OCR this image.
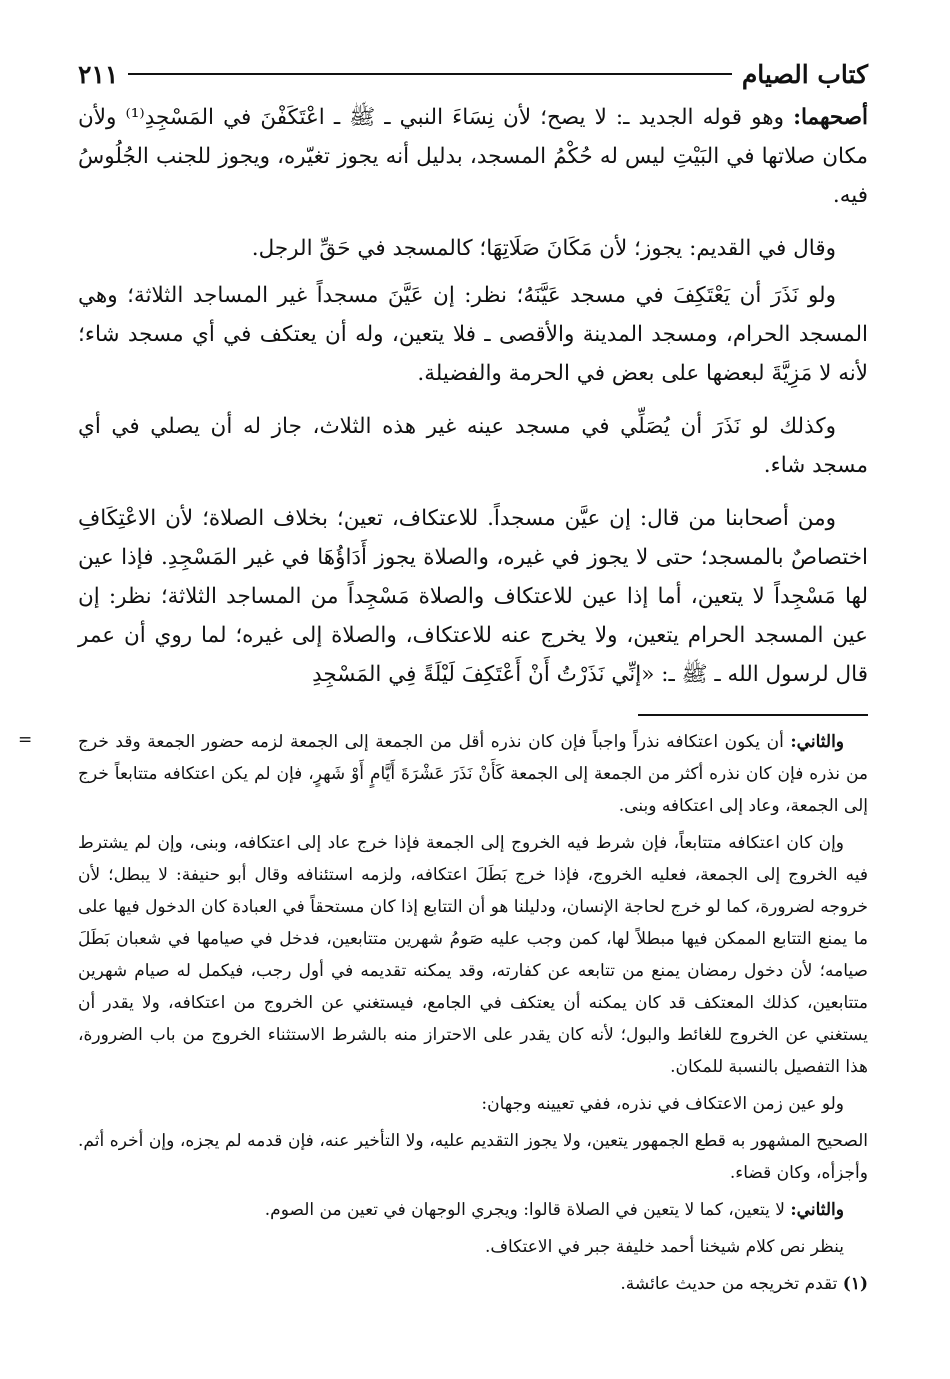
كتاب الصيام
٢١١

أصحهما: وهو قوله الجديد ـ: لا يصح؛ لأن نِسَاءَ النبي ـ ﷺ ـ اعْتَكَفْنَ في المَسْجِدِ⁽¹⁾ ولأن مكان صلاتها في البَيْتِ ليس له حُكْمُ المسجد، بدليل أنه يجوز تغيّره، ويجوز للجنب الجُلُوسُ فيه.

وقال في القديم: يجوز؛ لأن مَكَانَ صَلَاتِهَا؛ كالمسجد في حَقِّ الرجل.

ولو نَذَرَ أن يَعْتَكِفَ في مسجد عَيَّنَهُ؛ نظر: إن عَيَّنَ مسجداً غير المساجد الثلاثة؛ وهي المسجد الحرام، ومسجد المدينة والأقصى ـ فلا يتعين، وله أن يعتكف في أي مسجد شاء؛ لأنه لا مَزِيَّةَ لبعضها على بعض في الحرمة والفضيلة.

وكذلك لو نَذَرَ أن يُصَلِّي في مسجد عينه غير هذه الثلاث، جاز له أن يصلي في أي مسجد شاء.

ومن أصحابنا من قال: إن عيَّن مسجداً. للاعتكاف، تعين؛ بخلاف الصلاة؛ لأن الاعْتِكَافِ اختصاصٌ بالمسجد؛ حتى لا يجوز في غيره، والصلاة يجوز أَدَاؤُهَا في غير المَسْجِدِ. فإذا عين لها مَسْجِداً لا يتعين، أما إذا عين للاعتكاف والصلاة مَسْجِداً من المساجد الثلاثة؛ نظر: إن عين المسجد الحرام يتعين، ولا يخرج عنه للاعتكاف، والصلاة إلى غيره؛ لما روي أن عمر قال لرسول الله ـ ﷺ ـ: «إنِّي نَذَرْتُ أَنْ أَعْتَكِفَ لَيْلَةً فِي المَسْجِدِ

=	والثاني: أن يكون اعتكافه نذراً واجباً فإن كان نذره أقل من الجمعة إلى الجمعة لزمه حضور الجمعة وقد خرج من نذره فإن كان نذره أكثر من الجمعة إلى الجمعة كَأَنْ نَذَرَ عَشْرَةَ أَيَّامٍ أَوْ شَهرٍ، فإن لم يكن اعتكافه متتابعاً خرج إلى الجمعة، وعاد إلى اعتكافه وبنى.

وإن كان اعتكافه متتابعاً، فإن شرط فيه الخروج إلى الجمعة فإذا خرج عاد إلى اعتكافه، وبنى، وإن لم يشترط فيه الخروج إلى الجمعة، فعليه الخروج، فإذا خرج بَطَلَ اعتكافه، ولزمه استئنافه وقال أبو حنيفة: لا يبطل؛ لأن خروجه لضرورة، كما لو خرج لحاجة الإنسان، ودليلنا هو أن التتابع إذا كان مستحقاً في العبادة كان الدخول فيها على ما يمنع التتابع الممكن فيها مبطلاً لها، كمن وجب عليه صَومُ شهرين متتابعين، فدخل في صيامها في شعبان بَطَلَ صيامه؛ لأن دخول رمضان يمنع من تتابعه عن كفارته، وقد يمكنه تقديمه في أول رجب، فيكمل له صيام شهرين متتابعين، كذلك المعتكف قد كان يمكنه أن يعتكف في الجامع، فيستغني عن الخروج من اعتكافه، ولا يقدر أن يستغني عن الخروج للغائط والبول؛ لأنه كان يقدر على الاحتراز منه بالشرط الاستثناء الخروج من باب الضرورة، هذا التفصيل بالنسبة للمكان.

ولو عين زمن الاعتكاف في نذره، ففي تعيينه وجهان:

الصحيح المشهور به قطع الجمهور يتعين، ولا يجوز التقديم عليه، ولا التأخير عنه، فإن قدمه لم يجزه، وإن أخره أثم. وأجزأه، وكان قضاء.

والثاني: لا يتعين، كما لا يتعين في الصلاة قالوا: ويجري الوجهان في تعين من الصوم.

ينظر نص كلام شيخنا أحمد خليفة جبر في الاعتكاف.

(١) تقدم تخريجه من حديث عائشة.
